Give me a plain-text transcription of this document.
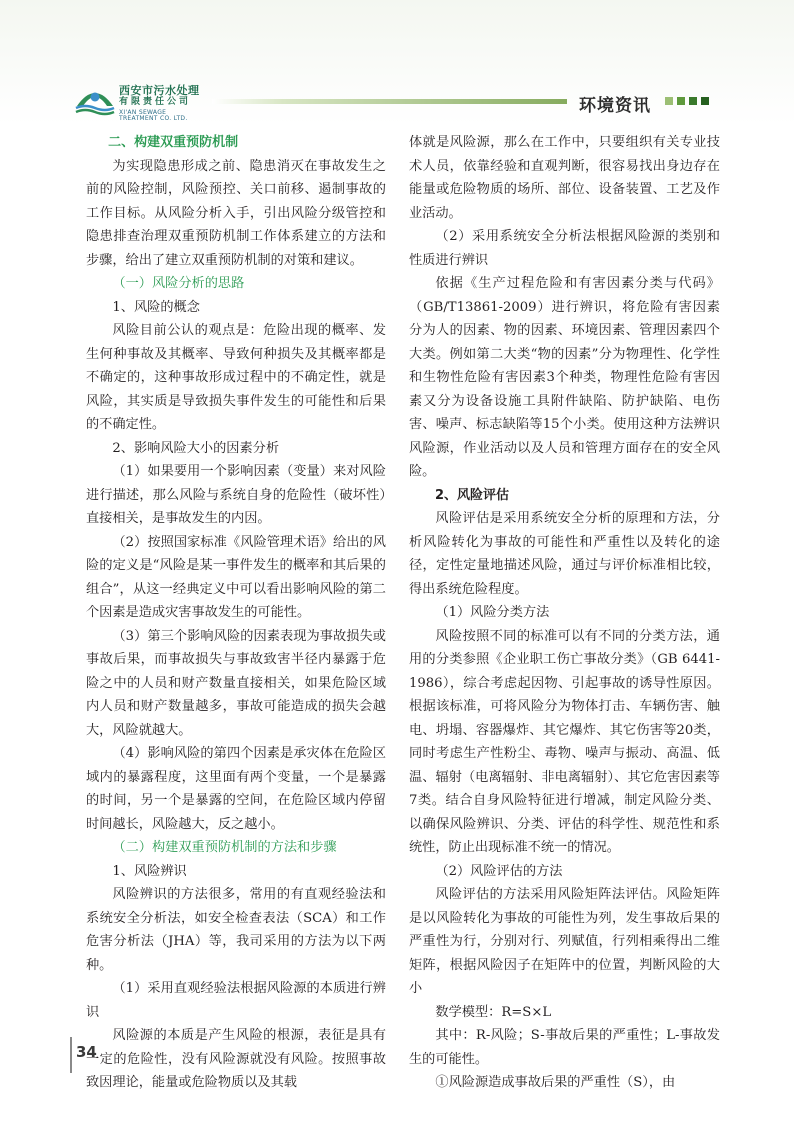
西安市污水处理
有限责任公司
XI'AN SEWAGE
TREATMENT CO. LTD.
环境资讯

二、构建双重预防机制

为实现隐患形成之前、隐患消灭在事故发生之前的风险控制，风险预控、关口前移、遏制事故的工作目标。从风险分析入手，引出风险分级管控和隐患排查治理双重预防机制工作体系建立的方法和步骤，给出了建立双重预防机制的对策和建议。

（一）风险分析的思路

1、风险的概念

风险目前公认的观点是：危险出现的概率、发生何种事故及其概率、导致何种损失及其概率都是不确定的，这种事故形成过程中的不确定性，就是风险，其实质是导致损失事件发生的可能性和后果的不确定性。

2、影响风险大小的因素分析

（1）如果要用一个影响因素（变量）来对风险进行描述，那么风险与系统自身的危险性（破坏性）直接相关，是事故发生的内因。

（2）按照国家标准《风险管理术语》给出的风险的定义是“风险是某一事件发生的概率和其后果的组合”，从这一经典定义中可以看出影响风险的第二个因素是造成灾害事故发生的可能性。

（3）第三个影响风险的因素表现为事故损失或事故后果，而事故损失与事故致害半径内暴露于危险之中的人员和财产数量直接相关，如果危险区域内人员和财产数量越多，事故可能造成的损失会越大，风险就越大。

（4）影响风险的第四个因素是承灾体在危险区域内的暴露程度，这里面有两个变量，一个是暴露的时间，另一个是暴露的空间，在危险区域内停留时间越长，风险越大，反之越小。

（二）构建双重预防机制的方法和步骤

1、风险辨识

风险辨识的方法很多，常用的有直观经验法和系统安全分析法，如安全检查表法（SCA）和工作危害分析法（JHA）等，我司采用的方法为以下两种。

（1）采用直观经验法根据风险源的本质进行辨识

风险源的本质是产生风险的根源，表征是具有一定的危险性，没有风险源就没有风险。按照事故致因理论，能量或危险物质以及其载

体就是风险源，那么在工作中，只要组织有关专业技术人员，依靠经验和直观判断，很容易找出身边存在能量或危险物质的场所、部位、设备装置、工艺及作业活动。

（2）采用系统安全分析法根据风险源的类别和性质进行辨识

依据《生产过程危险和有害因素分类与代码》（GB/T13861-2009）进行辨识，将危险有害因素分为人的因素、物的因素、环境因素、管理因素四个大类。例如第二大类“物的因素”分为物理性、化学性和生物性危险有害因素3个种类，物理性危险有害因素又分为设备设施工具附件缺陷、防护缺陷、电伤害、噪声、标志缺陷等15个小类。使用这种方法辨识风险源，作业活动以及人员和管理方面存在的安全风险。

2、风险评估

风险评估是采用系统安全分析的原理和方法，分析风险转化为事故的可能性和严重性以及转化的途径，定性定量地描述风险，通过与评价标准相比较，得出系统危险程度。

（1）风险分类方法

风险按照不同的标准可以有不同的分类方法，通用的分类参照《企业职工伤亡事故分类》（GB 6441-1986），综合考虑起因物、引起事故的诱导性原因。根据该标准，可将风险分为物体打击、车辆伤害、触电、坍塌、容器爆炸、其它爆炸、其它伤害等20类，同时考虑生产性粉尘、毒物、噪声与振动、高温、低温、辐射（电离辐射、非电离辐射）、其它危害因素等7类。结合自身风险特征进行增减，制定风险分类、以确保风险辨识、分类、评估的科学性、规范性和系统性，防止出现标准不统一的情况。

（2）风险评估的方法

风险评估的方法采用风险矩阵法评估。风险矩阵是以风险转化为事故的可能性为列，发生事故后果的严重性为行，分别对行、列赋值，行列相乘得出二维矩阵，根据风险因子在矩阵中的位置，判断风险的大小

数学模型：R=S×L

其中：R-风险；S-事故后果的严重性；L-事故发生的可能性。

①风险源造成事故后果的严重性（S），由

34
